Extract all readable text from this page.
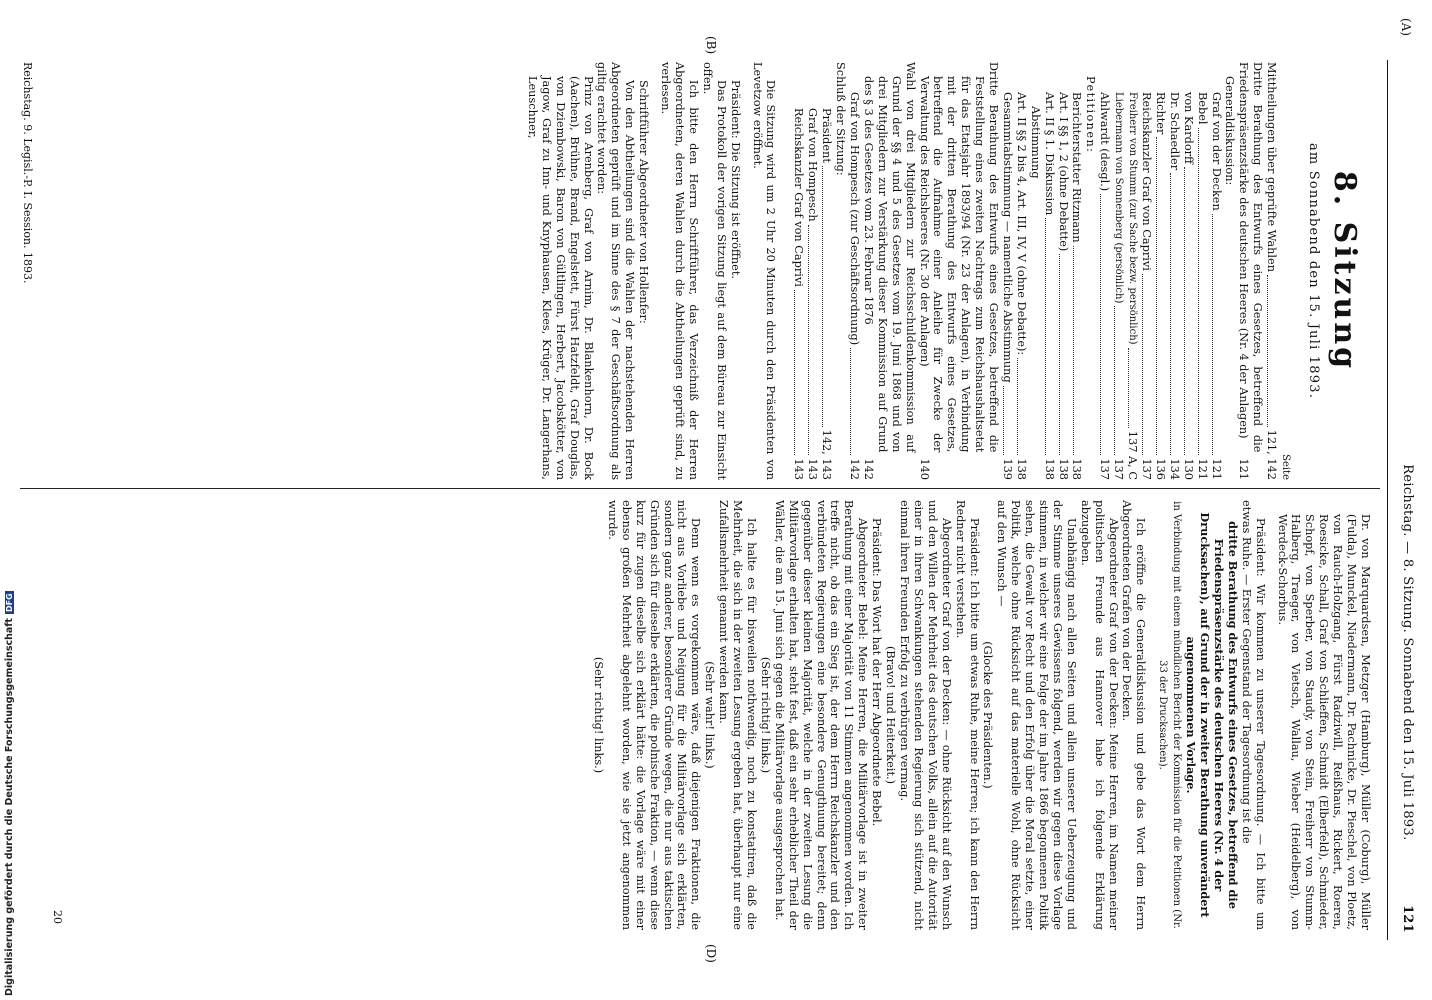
(A)
Reichstag. — 8. Sitzung. Sonnabend den 15. Juli 1893. 121
(B)
(D)
8. Sitzung
am Sonnabend den 15. Juli 1893.
Seite
Mittheilungen über geprüfte Wahlen
121, 142

Dritte Berathung des Entwurfs eines Gesetzes, betreffend die Friedenspräsenzstärke des deutschen Heeres (Nr. 4 der Anlagen)

121
Generaldiskussion:
Graf von der Decken
121
Bebel
121
von Kardorff
130
Dr. Schaedler
134
Richter
136
Reichskanzler Graf von Caprivi
137
Freiherr von Stumm (zur Sache bezw. persönlich)
137 A, C
Liebermann von Sonnenberg (persönlich)
137
Ahlwardt (desgl.)
137
Petitionen:
Berichterstatter Ritzmann
138
Art. I §§ 1, 2 (ohne Debatte)
138
Art. II § 1. Diskussion
138
Abstimmung
Art. II §§ 2 bis 4, Art. III, IV, V (ohne Debatte):
138
Gesammtabstimmung — namentliche Abstimmung
139

Dritte Berathung des Entwurfs eines Gesetzes, betreffend die Feststellung eines zweiten Nachtrags zum Reichshaushaltsetat für das Etatsjahr 1893/94 (Nr. 23 der Anlagen), in Verbindung mit der dritten Berathung des Entwurfs eines Gesetzes, betreffend die Aufnahme einer Anleihe für Zwecke der Verwaltung des Reichsheeres (Nr. 30 der Anlagen)

140

Wahl von drei Mitgliedern zur Reichsschuldenkommission auf Grund der §§ 4 und 5 des Gesetzes vom 19. Juni 1868 und von drei Mitgliedern zur Verstärkung dieser Kommission auf Grund des § 3 des Gesetzes vom 23. Februar 1876

142
Graf von Hompesch (zur Geschäftsordnung)
142
Schluß der Sitzung:
Präsident
142, 143
Graf von Hompesch
143
Reichskanzler Graf von Caprivi
143

Die Sitzung wird um 2 Uhr 20 Minuten durch den Präsidenten von Levetzow eröffnet.

Präsident: Die Sitzung ist eröffnet.

Das Protokoll der vorigen Sitzung liegt auf dem Büreau zur Einsicht offen.

Ich bitte den Herrn Schriftführer, das Verzeichniß der Herren Abgeordneten, deren Wahlen durch die Abtheilungen geprüft sind, zu verlesen.

Schriftführer Abgeordneter von Hollenfer:

Von den Abtheilungen sind die Wahlen der nachstehenden Herren Abgeordneten geprüft und im Sinne des § 7 der Geschäftsordnung als giltig erachtet worden:

Prinz von Arenberg, Graf von Arnim, Dr. Blankenhorn, Dr. Bock (Aachen), Brühne, Brand, Engelstett, Fürst Hatzfeldt, Graf Douglas, von Dziembowski, Baron von Gültlingen, Herbert, Jacobskötter, von Jagow, Graf zu Inn- und Knyphausen, Klees, Krüger, Dr. Langerhans, Leuschner,

Dr. von Marquardsen, Metzger (Hamburg), Müller (Coburg), Müller (Fulda), Munckel, Niedermann, Dr. Pachnicke, Dr. Pieschel, von Ploetz, von Rauch-Holzgang, Fürst Radziwill, Reißhaus, Rickert, Roeren, Roesicke, Schall, Graf von Schlieffen, Schmidt (Elberfeld), Schmieder, Schopf, von Sperber, von Staudy, von Stein, Freiherr von Stumm-Halberg, Traeger, von Vietsch, Wallau, Wieber (Heidelberg), von Werdeck-Schorbus.

Präsident: Wir kommen zu unserer Tagesordnung. — Ich bitte um etwas Ruhe. — Erster Gegenstand der Tagesordnung ist die

dritte Berathung des Entwurfs eines Gesetzes, betreffend die Friedenspräsenzstärke des deutschen Heeres (Nr. 4 der Drucksachen), auf Grund der in zweiter Berathung unverändert angenommenen Vorlage.

in Verbindung mit einem mündlichen Bericht der Kommission für die Petitionen (Nr. 33 der Drucksachen).

Ich eröffne die Generaldiskussion und gebe das Wort dem Herrn Abgeordneten Grafen von der Decken.

Abgeordneter Graf von der Decken: Meine Herren, im Namen meiner politischen Freunde aus Hannover habe ich folgende Erklärung abzugeben.

Unabhängig nach allen Seiten und allein unserer Ueberzeugung und der Stimme unseres Gewissens folgend, werden wir gegen diese Vorlage stimmen, in welcher wir eine Folge der im Jahre 1866 begonnenen Politik sehen, die Gewalt vor Recht und den Erfolg über die Moral setzte, einer Politik, welche ohne Rücksicht auf das materielle Wohl, ohne Rücksicht auf den Wunsch —

(Glocke des Präsidenten.)

Präsident: Ich bitte um etwas Ruhe, meine Herren; ich kann den Herrn Redner nicht verstehen.

Abgeordneter Graf von der Decken: — ohne Rücksicht auf den Wunsch und den Willen der Mehrheit des deutschen Volks, allein auf die Autorität einer in ihren Schwankungen stehenden Regierung sich stützend, nicht einmal ihren Freunden Erfolg zu verbürgen vermag.

(Bravo! und Heiterkeit.)

Präsident: Das Wort hat der Herr Abgeordnete Bebel.

Abgeordneter Bebel: Meine Herren, die Militärvorlage ist in zweiter Berathung mit einer Majorität von 11 Stimmen angenommen worden. Ich treffe nicht, ob das ein Sieg ist, der dem Herrn Reichskanzler und den verbündeten Regierungen eine besondere Genugthuung bereitet; denn gegenüber dieser kleinen Majorität, welche in der zweiten Lesung die Militärvorlage erhalten hat, steht fest, daß ein sehr erheblicher Theil der Wähler, die am 15. Juni sich gegen die Militärvorlage ausgesprochen hat.

(Sehr richtig! links.)

Ich halte es für bisweilen nothwendig, noch zu konstatiren, daß die Mehrheit, die sich in der zweiten Lesung ergeben hat, überhaupt nur eine Zufallsmehrheit genannt werden kann.

(Sehr wahr! links.)

Denn wenn es vorgekommen wäre, daß diejenigen Fraktionen, die nicht aus Vorliebe und Neigung für die Militärvorlage sich erklärten, sondern ganz anderer, besonderer Gründe wegen, die nur aus taktischen Gründen sich für dieselbe erklärten, die polnische Fraktion, — wenn diese kurz für zugen dieselbe sich erklärt hätte: die Vorlage wäre mit einer ebenso großen Mehrheit abgelehnt worden, wie sie jetzt angenommen wurde.

(Sehr richtig! links.)

20
Reichstag. 9. Legisl.-P. I. Session. 1893.
Digitalisierung gefördert durch die Deutsche ForschungsgemeinschaftDFG
